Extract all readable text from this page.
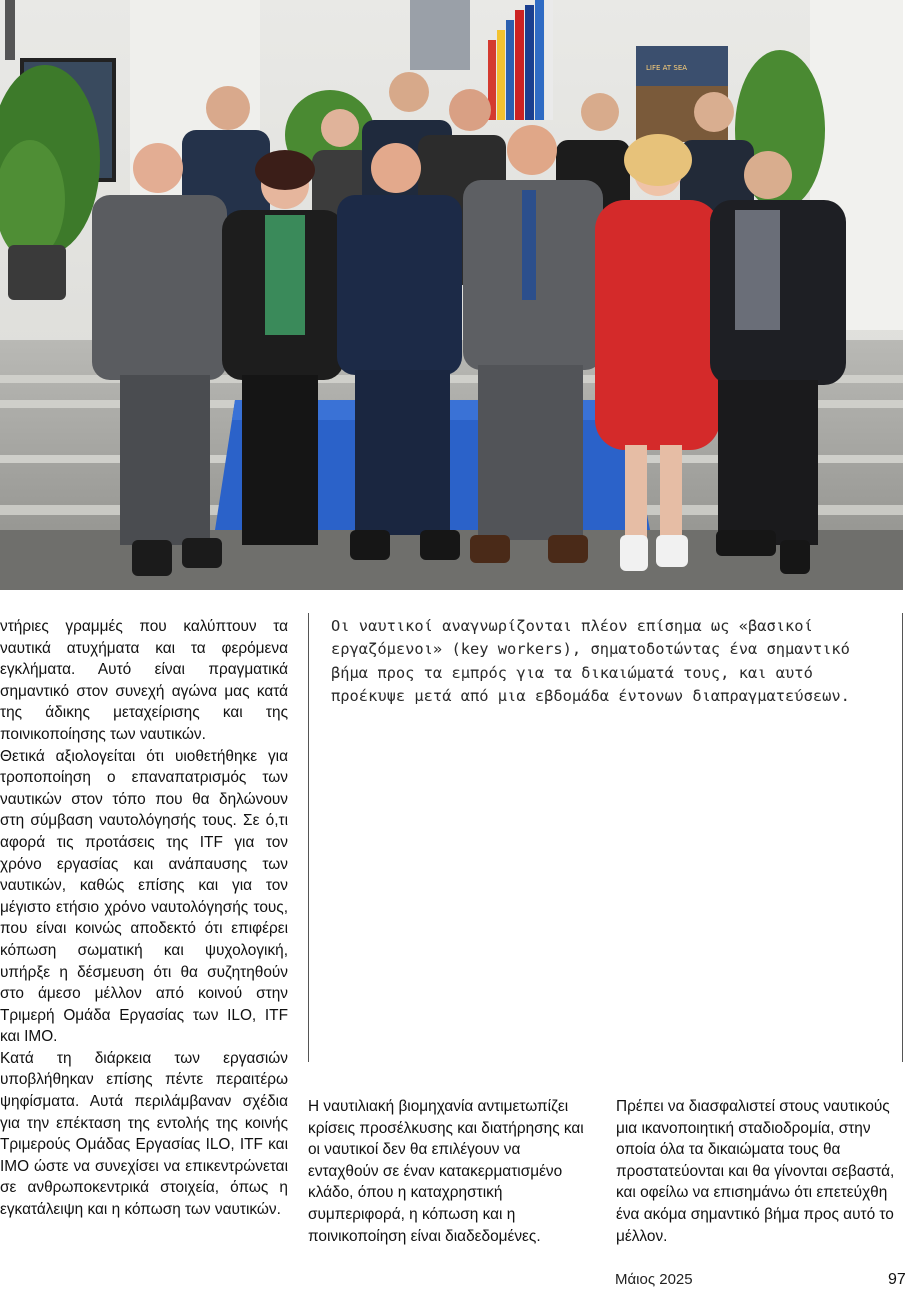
LIFE AT SEA

ντήριες γραμμές που καλύπτουν τα ναυτικά ατυχήματα και τα φερόμενα εγκλήματα. Αυτό είναι πραγματικά σημαντικό στον συνεχή αγώνα μας κατά της άδικης μεταχείρισης και της ποινικοποίησης των ναυτικών.

Θετικά αξιολογείται ότι υιοθετήθηκε για τροποποίηση ο επαναπατρισμός των ναυτικών στον τόπο που θα δηλώνουν στη σύμβαση ναυτολόγησής τους. Σε ό,τι αφορά τις προτάσεις της ITF για τον χρόνο εργασίας και ανάπαυσης των ναυτικών, καθώς επίσης και για τον μέγιστο ετήσιο χρόνο ναυτολόγησής τους, που είναι κοινώς αποδεκτό ότι επιφέρει κόπωση σωματική και ψυχολογική, υπήρξε η δέσμευση ότι θα συζητηθούν στο άμεσο μέλλον από κοινού στην Τριμερή Ομάδα Εργασίας των ILO, ITF και IMO.

Κατά τη διάρκεια των εργασιών υποβλήθηκαν επίσης πέντε περαιτέρω ψηφίσματα. Αυτά περιλάμβαναν σχέδια για την επέκταση της εντολής της κοινής Τριμερούς Ομάδας Εργασίας ILO, ITF και IMO ώστε να συνεχίσει να επικεντρώνεται σε ανθρωποκεντρικά στοιχεία, όπως η εγκατάλειψη και η κόπωση των ναυτικών.

Οι ναυτικοί αναγνωρίζονται πλέον επίσημα ως «βασικοί εργαζόμενοι» (key workers), σηματοδοτώντας ένα σημαντικό βήμα προς τα εμπρός για τα δικαιώματά τους, και αυτό προέκυψε μετά από μια εβδομάδα έντονων διαπραγματεύσεων.

Η ναυτιλιακή βιομηχανία αντιμετωπίζει κρίσεις προσέλκυσης και διατήρησης και οι ναυτικοί δεν θα επιλέγουν να ενταχθούν σε έναν κατακερματισμένο κλάδο, όπου η καταχρηστική συμπεριφορά, η κόπωση και η ποινικοποίηση είναι διαδεδομένες.

Πρέπει να διασφαλιστεί στους ναυτικούς μια ικανοποιητική σταδιοδρομία, στην οποία όλα τα δικαιώματα τους θα προστατεύονται και θα γίνονται σεβαστά, και οφείλω να επισημάνω ότι επετεύχθη ένα ακόμα σημαντικό βήμα προς αυτό το μέλλον.

Μάιος 2025	97
